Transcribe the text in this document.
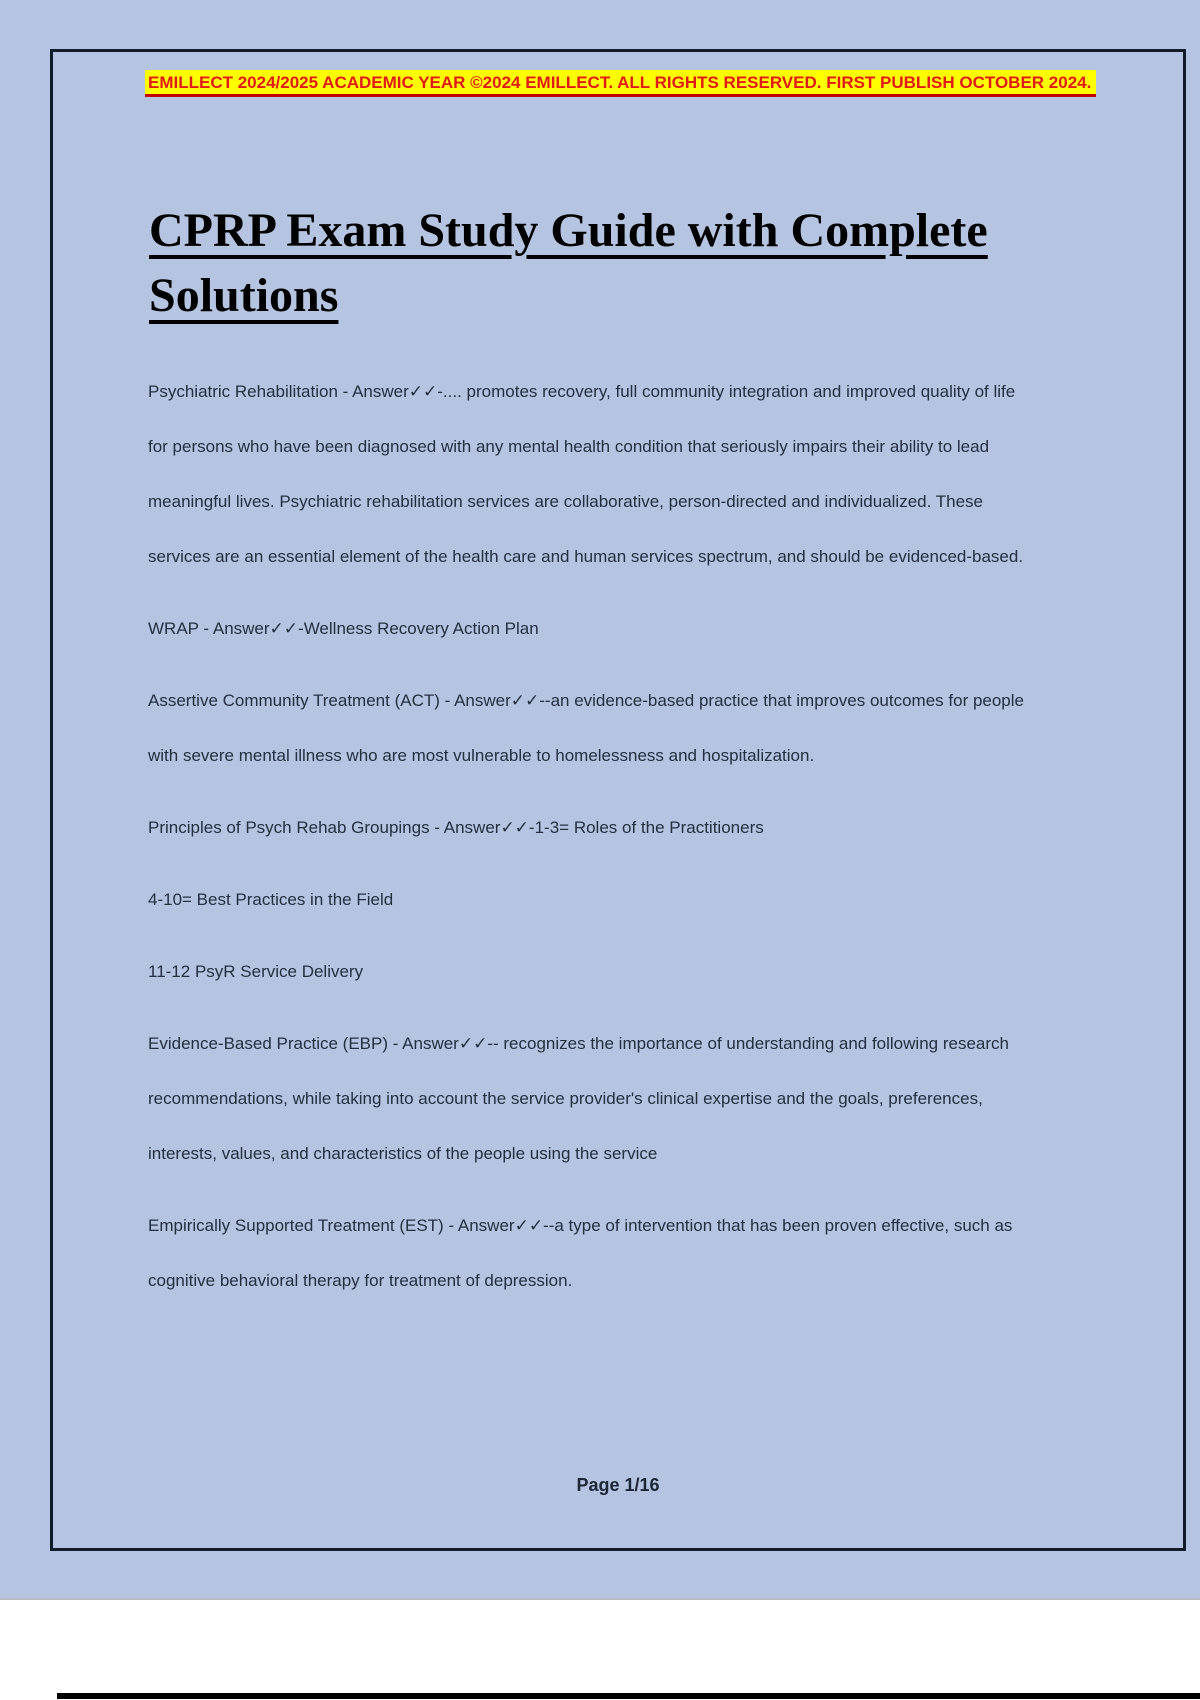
EMILLECT 2024/2025 ACADEMIC YEAR ©2024 EMILLECT. ALL RIGHTS RESERVED. FIRST PUBLISH OCTOBER 2024.
CPRP Exam Study Guide with Complete Solutions

Psychiatric Rehabilitation - Answer✓✓-.... promotes recovery, full community integration and improved quality of life for persons who have been diagnosed with any mental health condition that seriously impairs their ability to lead meaningful lives. Psychiatric rehabilitation services are collaborative, person-directed and individualized. These services are an essential element of the health care and human services spectrum, and should be evidenced-based.

WRAP - Answer✓✓-Wellness Recovery Action Plan

Assertive Community Treatment (ACT) - Answer✓✓--an evidence-based practice that improves outcomes for people with severe mental illness who are most vulnerable to homelessness and hospitalization.

Principles of Psych Rehab Groupings - Answer✓✓-1-3= Roles of the Practitioners

4-10= Best Practices in the Field

11-12 PsyR Service Delivery

Evidence-Based Practice (EBP) - Answer✓✓-- recognizes the importance of understanding and following research recommendations, while taking into account the service provider's clinical expertise and the goals, preferences, interests, values, and characteristics of the people using the service

Empirically Supported Treatment (EST) - Answer✓✓--a type of intervention that has been proven effective, such as cognitive behavioral therapy for treatment of depression.

Page 1/16
